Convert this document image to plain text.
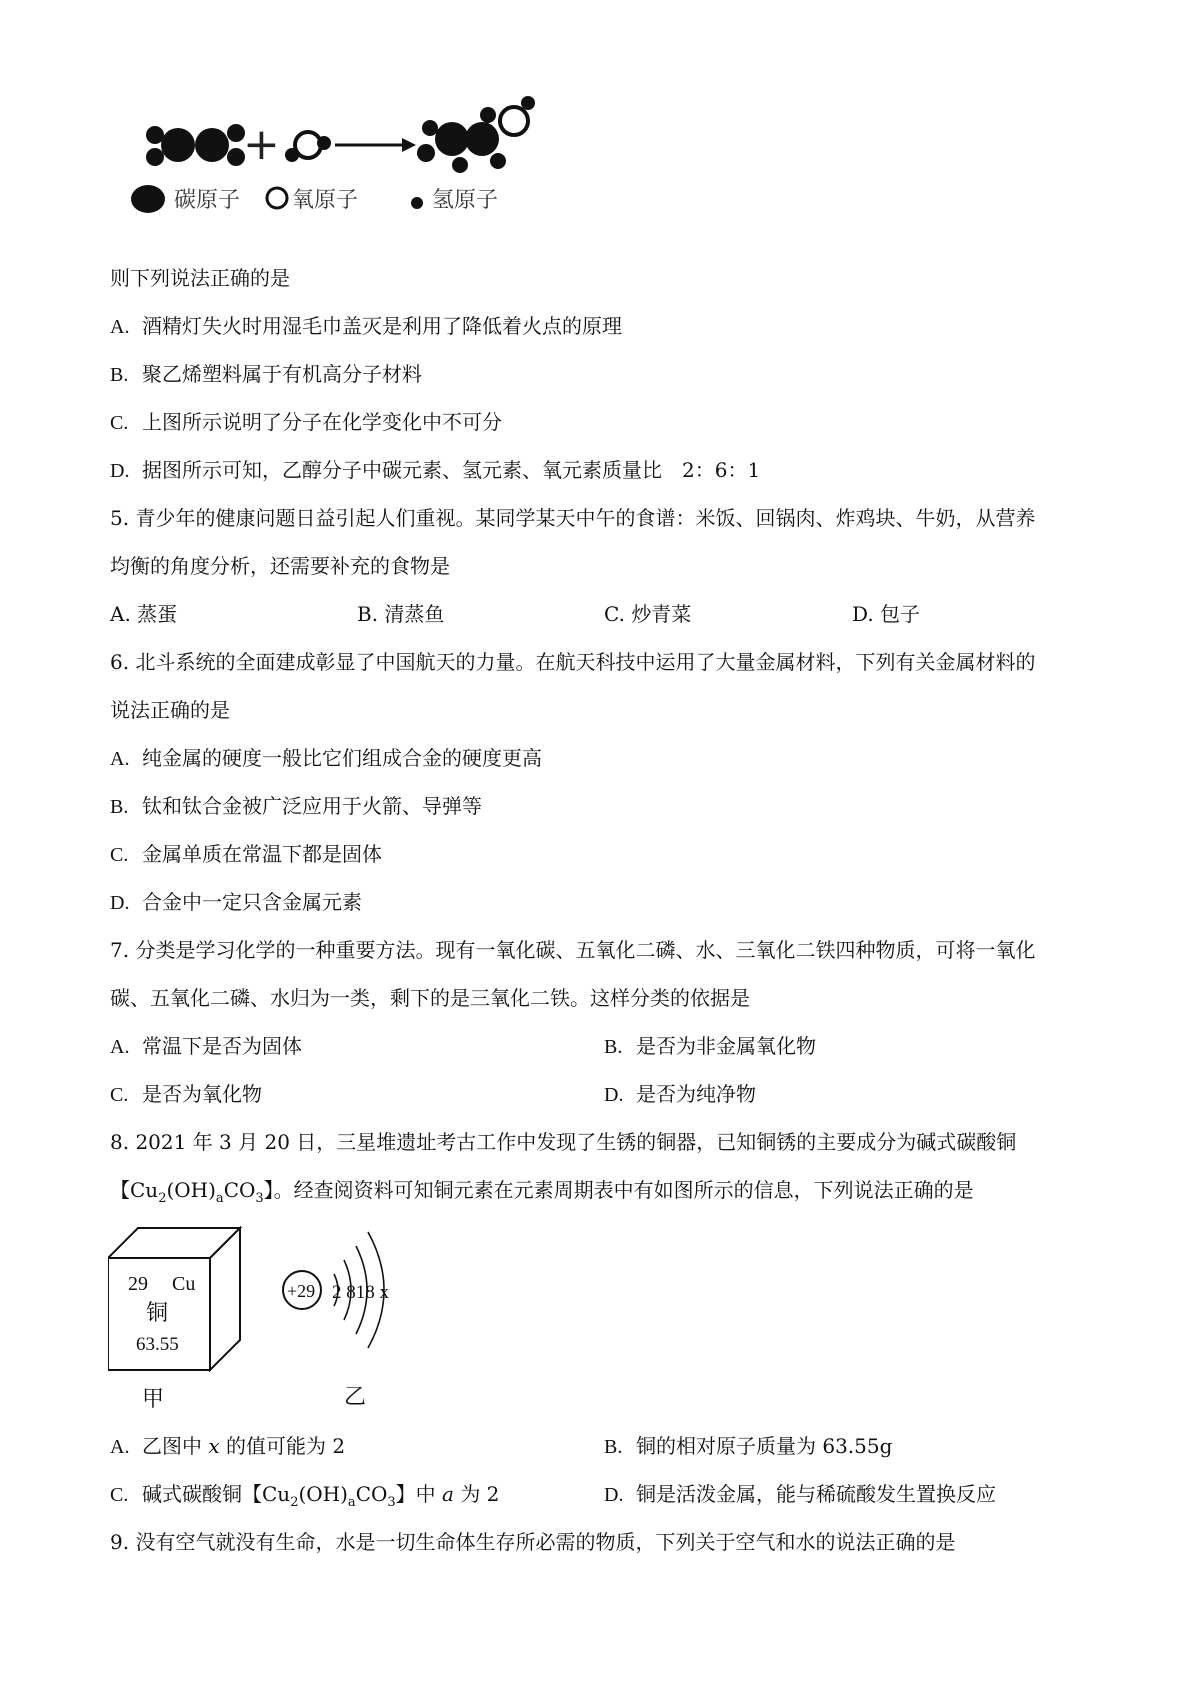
+
碳原子 氧原子	氢原子
则下列说法正确的是
A. 酒精灯失火时用湿毛巾盖灭是利用了降低着火点的原理
B. 聚乙烯塑料属于有机高分子材料
C. 上图所示说明了分子在化学变化中不可分
D. 据图所示可知，乙醇分子中碳元素、氢元素、氧元素质量比　2：6：1
5. 青少年的健康问题日益引起人们重视。某同学某天中午的食谱：米饭、回锅肉、炸鸡块、牛奶，从营养
均衡的角度分析，还需要补充的食物是
A. 蒸蛋	B. 清蒸鱼	C. 炒青菜	D. 包子
6. 北斗系统的全面建成彰显了中国航天的力量。在航天科技中运用了大量金属材料，下列有关金属材料的
说法正确的是
A. 纯金属的硬度一般比它们组成合金的硬度更高
B. 钛和钛合金被广泛应用于火箭、导弹等
C. 金属单质在常温下都是固体
D. 合金中一定只含金属元素
7. 分类是学习化学的一种重要方法。现有一氧化碳、五氧化二磷、水、三氧化二铁四种物质，可将一氧化
碳、五氧化二磷、水归为一类，剩下的是三氧化二铁。这样分类的依据是
A. 常温下是否为固体	B. 是否为非金属氧化物
C. 是否为氧化物	D. 是否为纯净物
8. 2021 年 3 月 20 日，三星堆遗址考古工作中发现了生锈的铜器，已知铜锈的主要成分为碱式碳酸铜
【$Cu_2(OH)_aCO_3$】。经查阅资料可知铜元素在元素周期表中有如图所示的信息，下列说法正确的是
29 Cu
铜
63.55
甲
+29 2 818 x
乙
A. 乙图中 x 的值可能为 2	B. 铜的相对原子质量为 63.55g
C. 碱式碳酸铜【$Cu_2(OH)_aCO_3$】中 a 为 2	D. 铜是活泼金属，能与稀硫酸发生置换反应
9. 没有空气就没有生命，水是一切生命体生存所必需的物质，下列关于空气和水的说法正确的是
